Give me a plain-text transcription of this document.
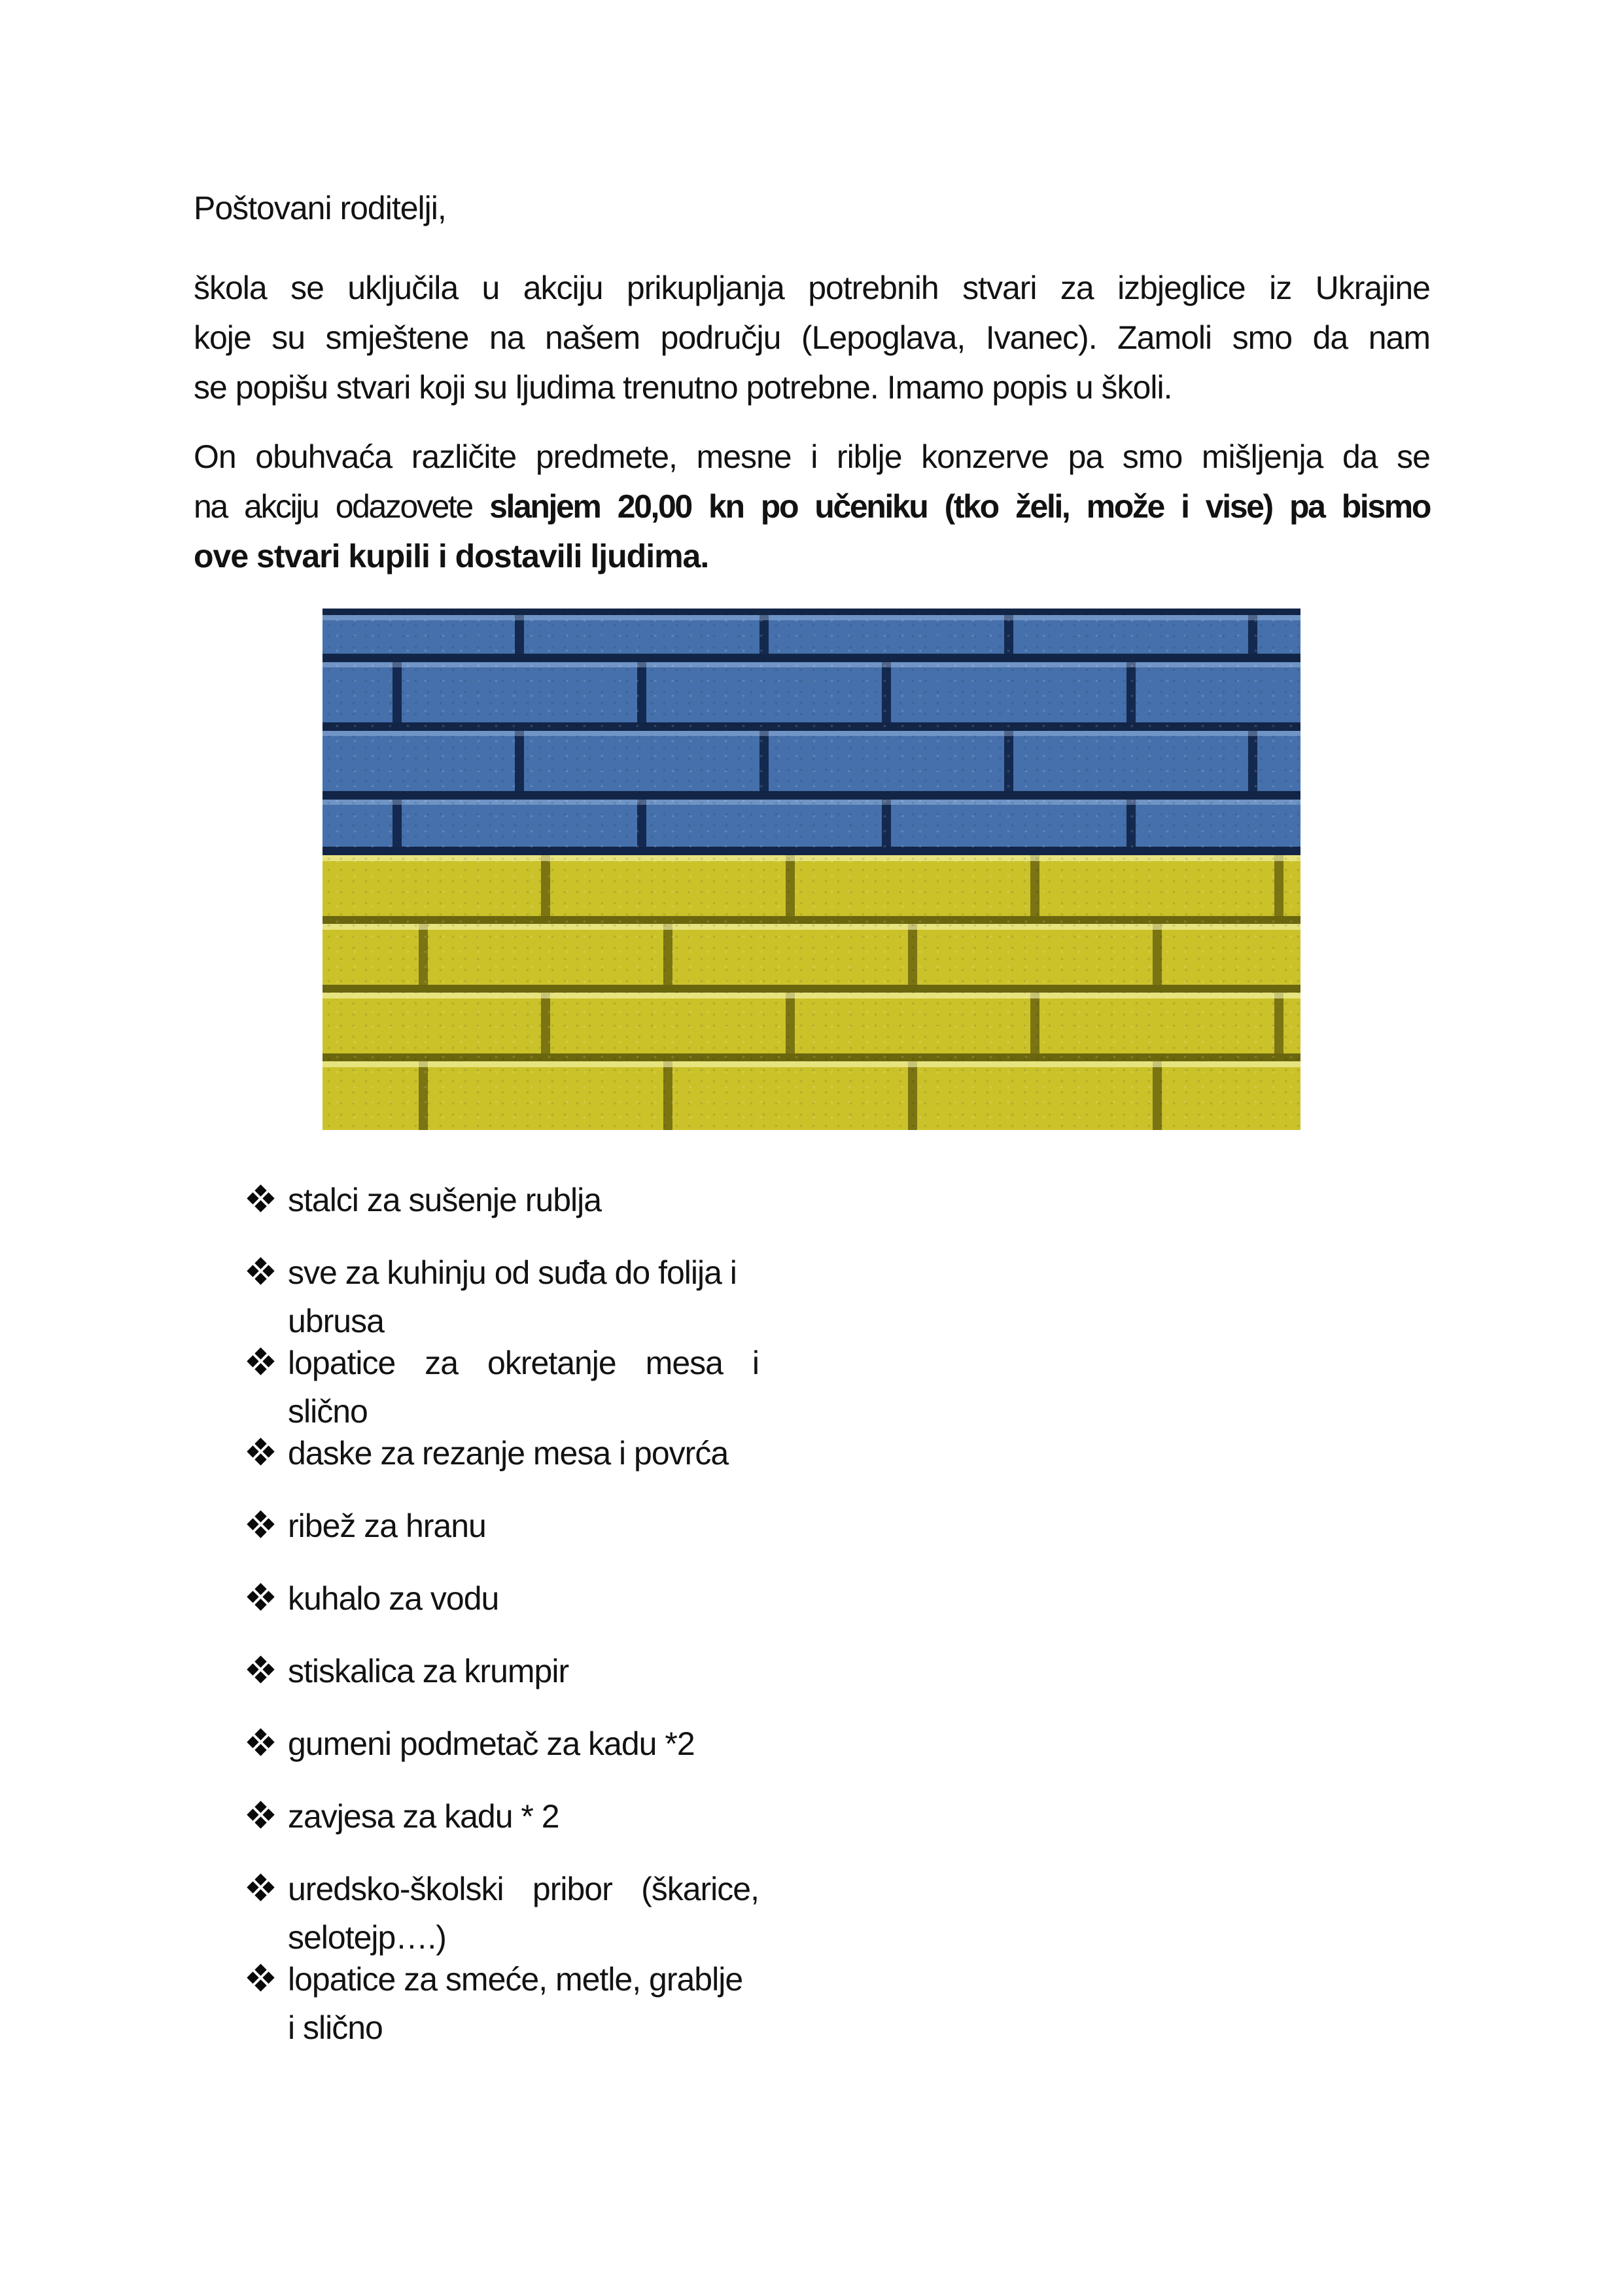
Poštovani roditelji,

škola se uključila u akciju prikupljanja potrebnih stvari za izbjeglice iz Ukrajine
koje su smještene na našem području (Lepoglava, Ivanec). Zamoli smo da nam
se popišu stvari koji su ljudima trenutno potrebne. Imamo popis u školi.
On obuhvaća različite predmete, mesne i riblje konzerve pa smo mišljenja da se
na akciju odazovete slanjem 20,00 kn po učeniku (tko želi, može i vise) pa bismo
ove stvari kupili i dostavili ljudima.
stalci za sušenje rublja
sve za kuhinju od suđa do folija i
ubrusa
lopatice za okretanje mesa i
slično
daske za rezanje mesa i povrća
ribež za hranu
kuhalo za vodu
stiskalica za krumpir
gumeni podmetač za kadu *2
zavjesa za kadu * 2
uredsko-školski pribor (škarice,
selotejp….)
lopatice za smeće, metle, grablje
i slično
